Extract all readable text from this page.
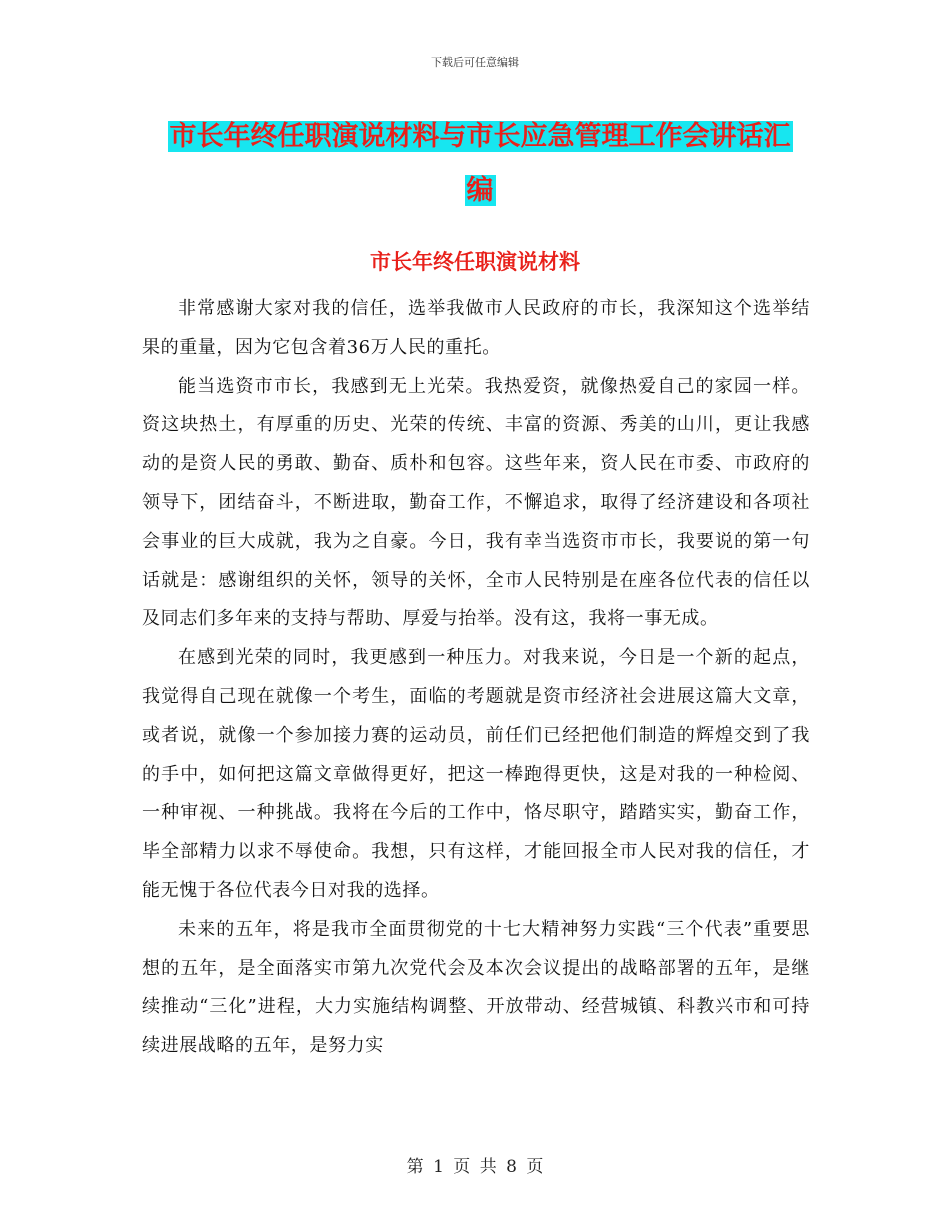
下载后可任意编辑
市长年终任职演说材料与市长应急管理工作会讲话汇
编
市长年终任职演说材料

非常感谢大家对我的信任，选举我做市人民政府的市长，我深知这个选举结果的重量，因为它包含着36万人民的重托。

能当选资市市长，我感到无上光荣。我热爱资，就像热爱自己的家园一样。资这块热土，有厚重的历史、光荣的传统、丰富的资源、秀美的山川，更让我感动的是资人民的勇敢、勤奋、质朴和包容。这些年来，资人民在市委、市政府的领导下，团结奋斗，不断进取，勤奋工作，不懈追求，取得了经济建设和各项社会事业的巨大成就，我为之自豪。今日，我有幸当选资市市长，我要说的第一句话就是：感谢组织的关怀，领导的关怀，全市人民特别是在座各位代表的信任以及同志们多年来的支持与帮助、厚爱与抬举。没有这，我将一事无成。

在感到光荣的同时，我更感到一种压力。对我来说，今日是一个新的起点，我觉得自己现在就像一个考生，面临的考题就是资市经济社会进展这篇大文章，或者说，就像一个参加接力赛的运动员，前任们已经把他们制造的辉煌交到了我的手中，如何把这篇文章做得更好，把这一棒跑得更快，这是对我的一种检阅、一种审视、一种挑战。我将在今后的工作中，恪尽职守，踏踏实实，勤奋工作，毕全部精力以求不辱使命。我想，只有这样，才能回报全市人民对我的信任，才能无愧于各位代表今日对我的选择。

未来的五年，将是我市全面贯彻党的十七大精神努力实践“三个代表”重要思想的五年，是全面落实市第九次党代会及本次会议提出的战略部署的五年，是继续推动“三化”进程，大力实施结构调整、开放带动、经营城镇、科教兴市和可持续进展战略的五年，是努力实

第 1 页 共 8 页
